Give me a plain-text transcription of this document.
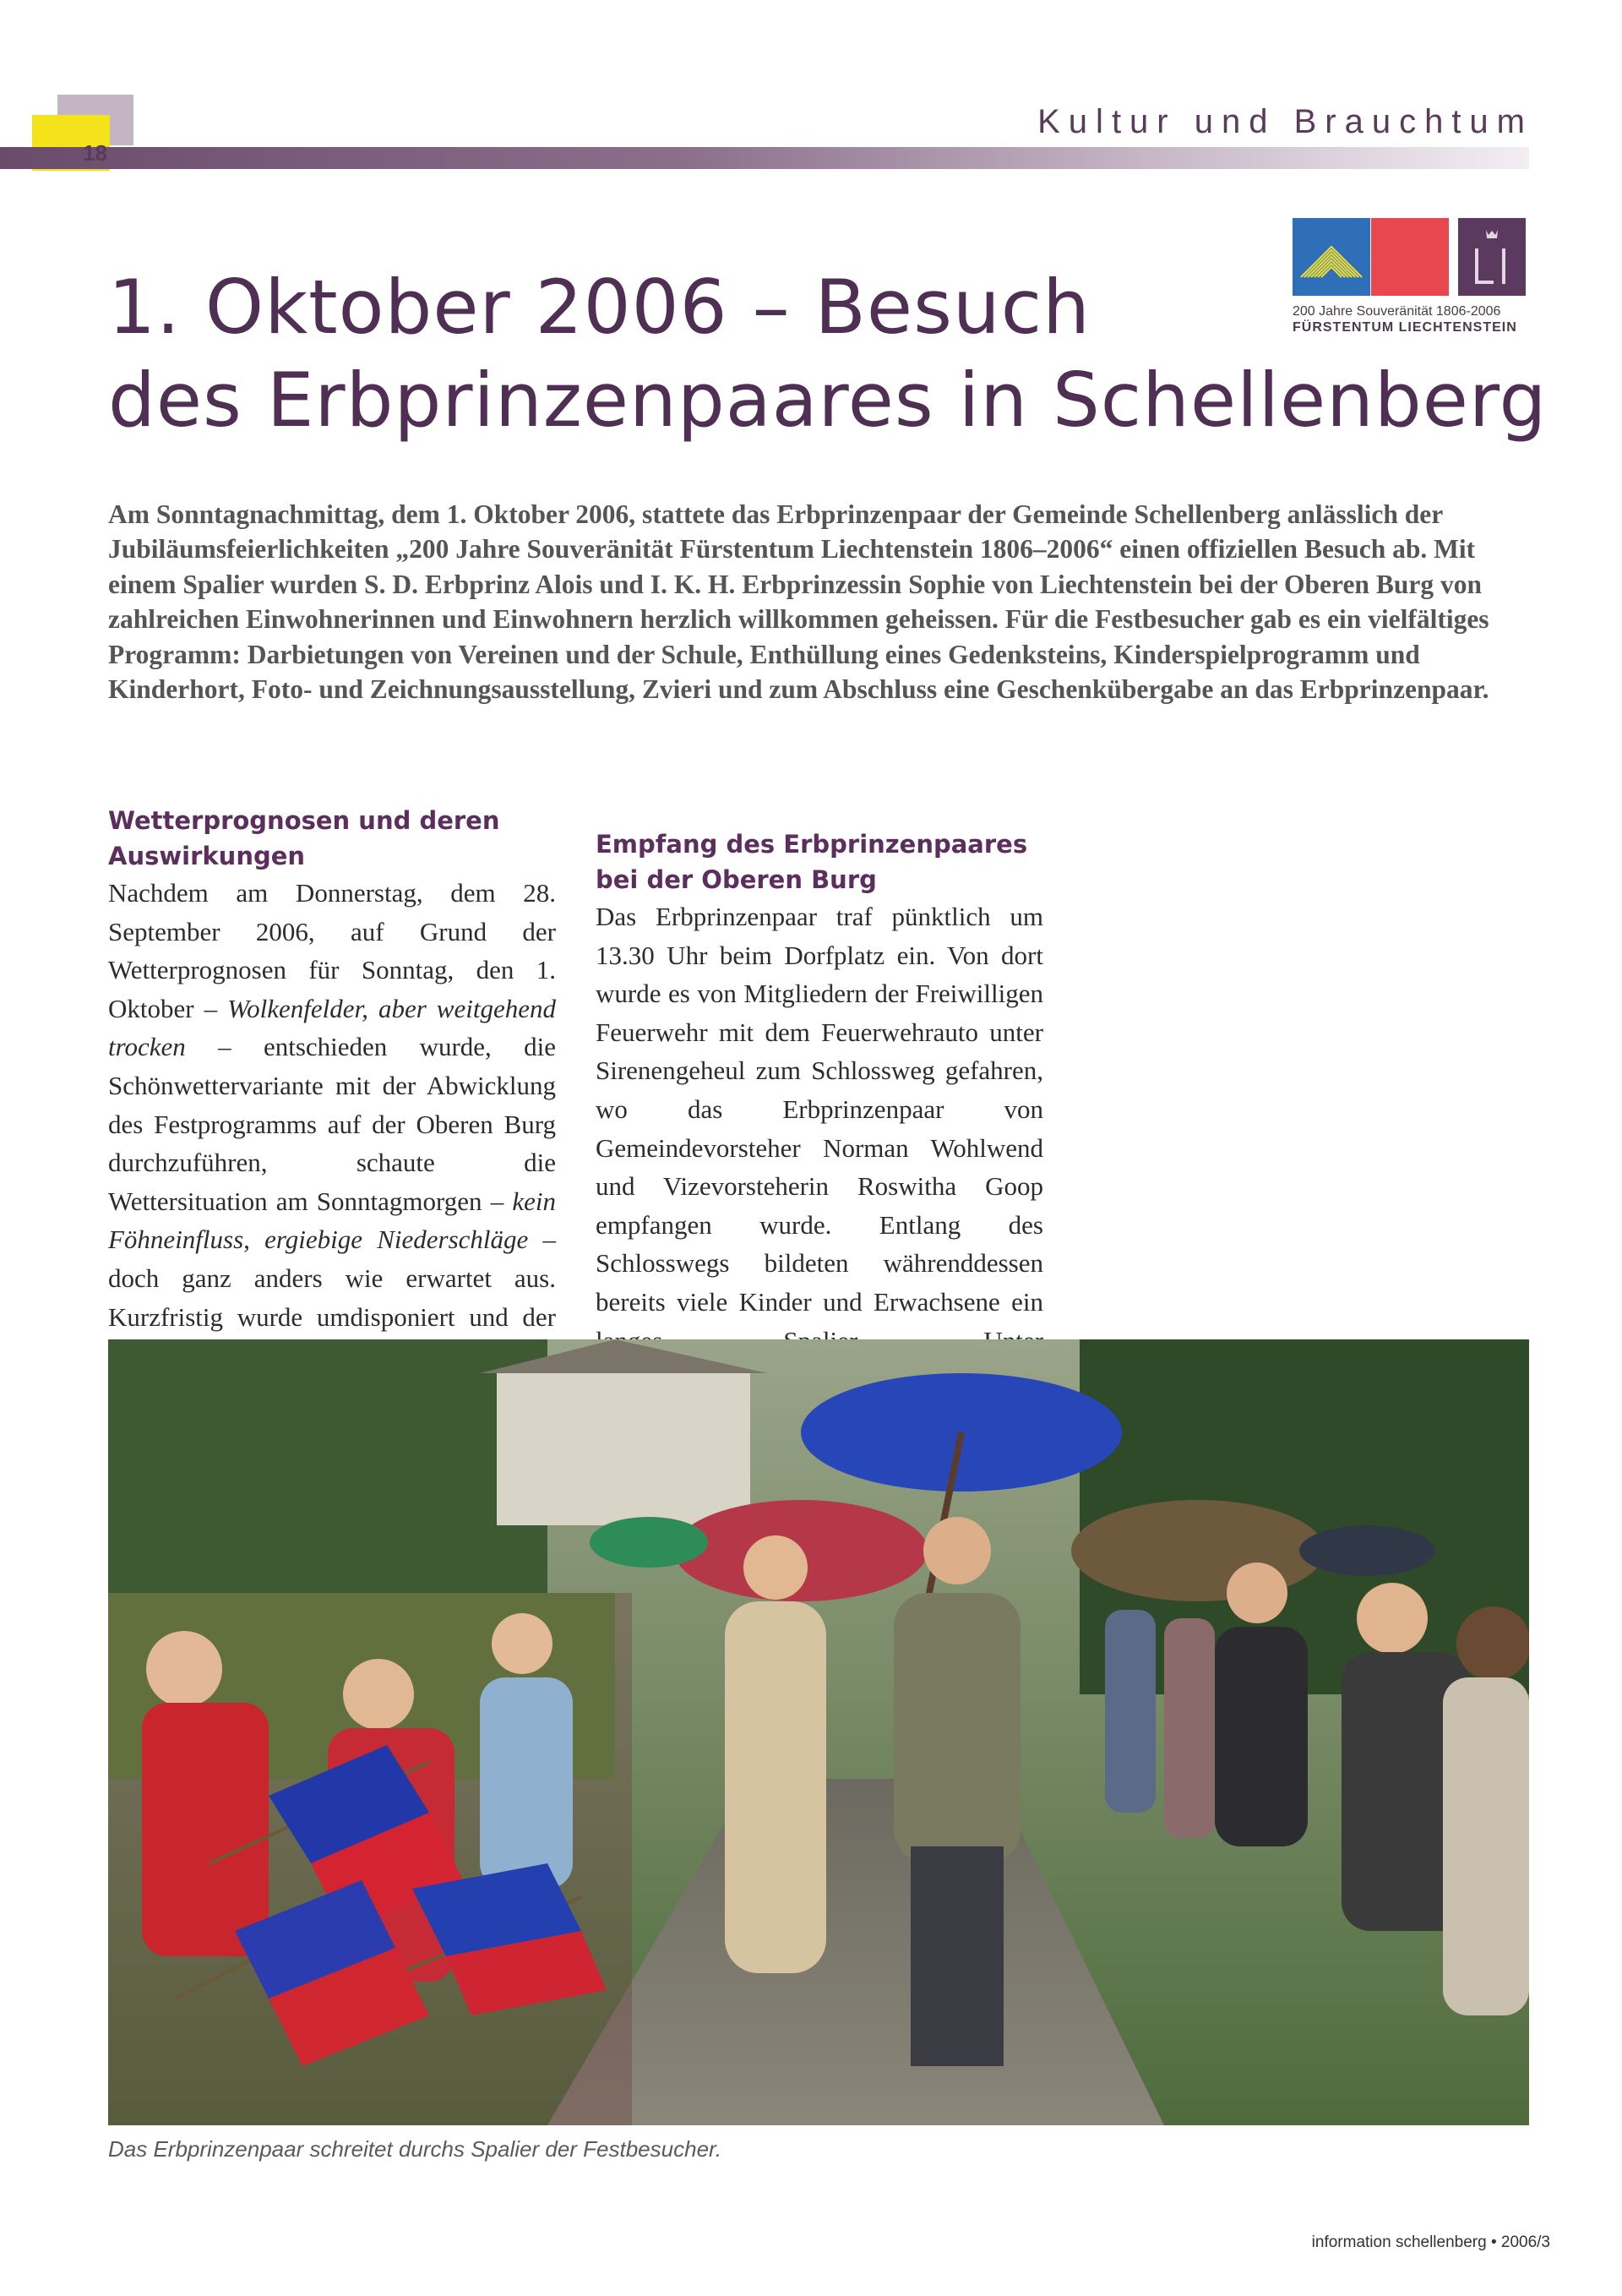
18
Kultur und Brauchtum
200 Jahre Souveränität 1806-2006
FÜRSTENTUM LIECHTENSTEIN
1. Oktober 2006 – Besuch
des Erbprinzenpaares in Schellenberg

Am Sonntagnachmittag, dem 1. Oktober 2006, stattete das Erbprinzenpaar der Gemeinde Schellenberg anlässlich der Jubiläumsfeierlichkeiten „200 Jahre Souveränität Fürstentum Liechtenstein 1806–2006“ einen offiziellen Besuch ab. Mit einem Spalier wurden S. D. Erbprinz Alois und I. K. H. Erbprinzessin Sophie von Liechtenstein bei der Oberen Burg von zahlreichen Einwohnerinnen und Einwohnern herzlich willkommen geheissen. Für die Festbesucher gab es ein vielfältiges Programm: Darbietungen von Vereinen und der Schule, Enthüllung eines Gedenksteins, Kinderspielprogramm und Kinderhort, Foto- und Zeichnungsausstellung, Zvieri und zum Abschluss eine Geschenkübergabe an das Erbprinzenpaar.

Wetterprognosen und deren Auswirkungen

Nachdem am Donnerstag, dem 28. September 2006, auf Grund der Wetterprognosen für Sonntag, den 1. Oktober – Wolkenfelder, aber weitgehend trocken – entschieden wurde, die Schönwettervariante mit der Abwicklung des Festprogramms auf der Oberen Burg durchzuführen, schaute die Wettersituation am Sonntagmorgen – kein Föhneinfluss, ergiebige Niederschläge – doch ganz anders wie erwartet aus. Kurzfristig wurde umdisponiert und der

Empfang des Erbprinzenpaares bei der Oberen Burg

Das Erbprinzenpaar traf pünktlich um 13.30 Uhr beim Dorfplatz ein. Von dort wurde es von Mitgliedern der Freiwilligen Feuerwehr mit dem Feuerwehrauto unter Sirenengeheul zum Schlossweg gefahren, wo das Erbprinzenpaar von Gemeindevorsteher Norman Wohlwend und Vizevorsteherin Roswitha Goop empfangen wurde. Entlang des Schlosswegs bildeten währenddessen bereits viele Kinder und Erwachsene ein

Das Erbprinzenpaar schreitet durchs Spalier der Festbesucher.
information schellenberg • 2006/3
